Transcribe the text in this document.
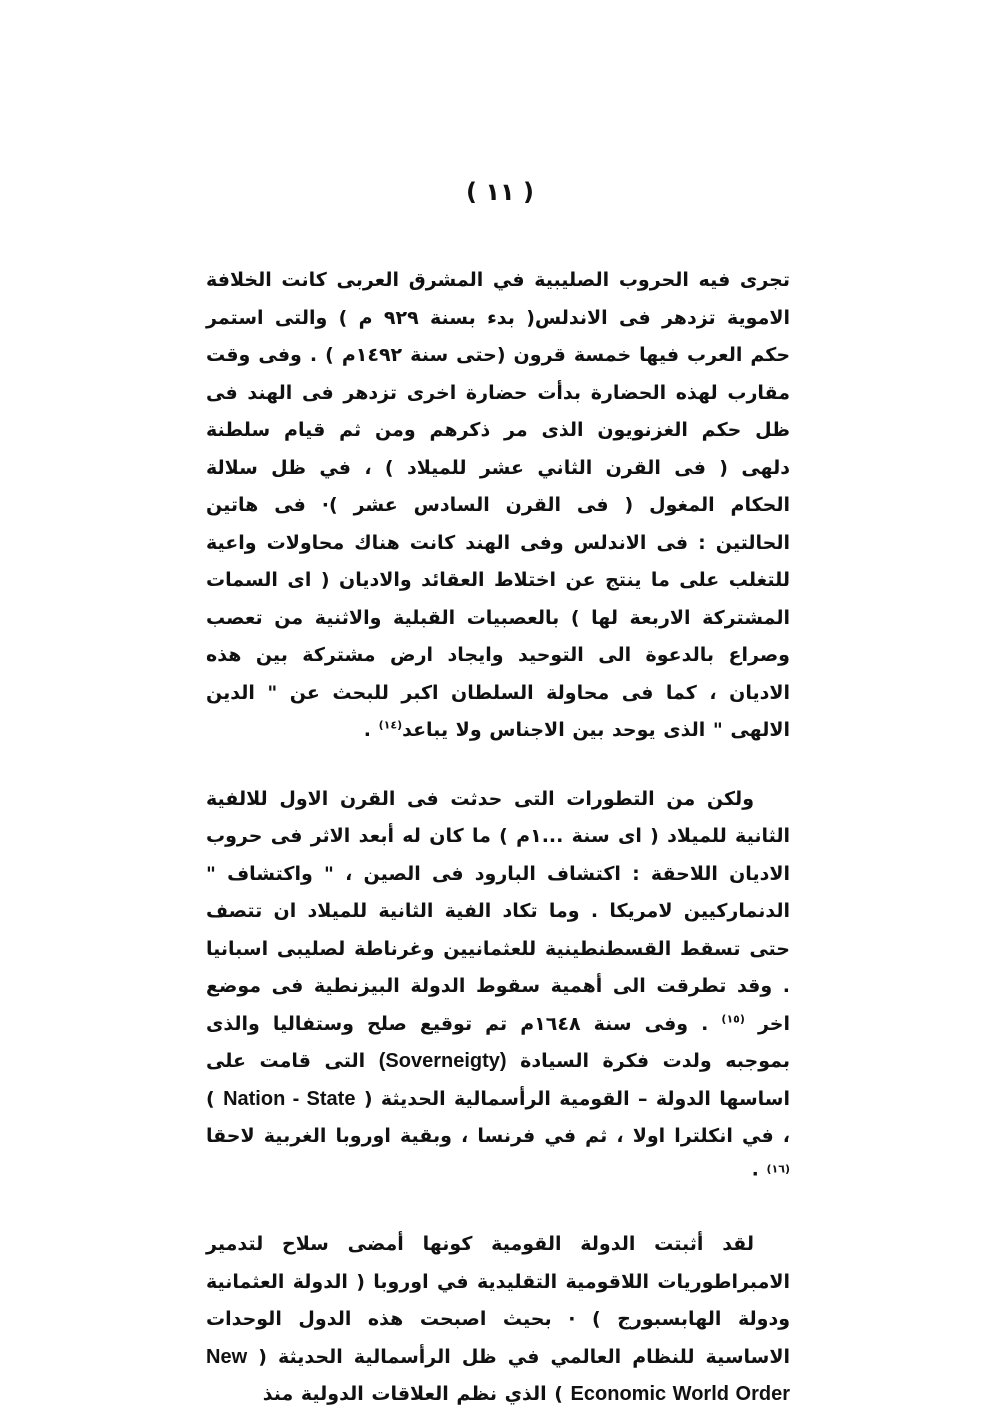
( ١١ )

تجرى فيه الحروب الصليبية في المشرق العربى كانت الخلافة الاموية تزدهر فى الاندلس( بدء بسنة ٩٢٩ م ) والتى استمر حكم العرب فيها خمسة قرون (حتى سنة ١٤٩٢م ) . وفى وقت مقارب لهذه الحضارة بدأت حضارة اخرى تزدهر فى الهند فى ظل حكم الغزنويون الذى مر ذكرهم ومن ثم قيام سلطنة دلهى ( فى القرن الثاني عشر للميلاد ) ، في ظل سلالة الحكام المغول ( فى القرن السادس عشر )· فى هاتين الحالتين : فى الاندلس وفى الهند كانت هناك محاولات واعية للتغلب على ما ينتج عن اختلاط العقائد والاديان ( اى السمات المشتركة الاربعة لها ) بالعصبيات القبلية والاثنية من تعصب وصراع بالدعوة الى التوحيد وايجاد ارض مشتركة بين هذه الاديان ، كما فى محاولة السلطان اكبر للبحث عن " الدين الالهى " الذى يوحد بين الاجناس ولا يباعد$^{(١٤)}$ .

ولكن من التطورات التى حدثت فى القرن الاول للالفية الثانية للميلاد ( اى سنة ...١م ) ما كان له أبعد الاثر فى حروب الاديان اللاحقة : اكتشاف البارود فى الصين ، " واكتشاف " الدنماركيين لامريكا . وما تكاد الفية الثانية للميلاد ان تتصف حتى تسقط القسطنطينية للعثمانيين وغرناطة لصليبى اسبانيا . وقد تطرقت الى أهمية سقوط الدولة البيزنطية فى موضع اخر $^{(١٥)}$ . وفى سنة ١٦٤٨م تم توقيع صلح وستفاليا والذى بموجبه ولدت فكرة السيادة (Soverneigty) التى قامت على اساسها الدولة – القومية الرأسمالية الحديثة ( Nation - State ) ، في انكلترا اولا ، ثم في فرنسا ، وبقية اوروبا الغربية لاحقا $^{(١٦)}$ ·

لقد أثبتت الدولة القومية كونها أمضى سلاح لتدمير الامبراطوريات اللاقومية التقليدية في اوروبا ( الدولة العثمانية ودولة الهابسبورج ) · بحيث اصبحت هذه الدول الوحدات الاساسية للنظام العالمي في ظل الرأسمالية الحديثة ( New Economic World Order ) الذي نظم العلاقات الدولية منذ
